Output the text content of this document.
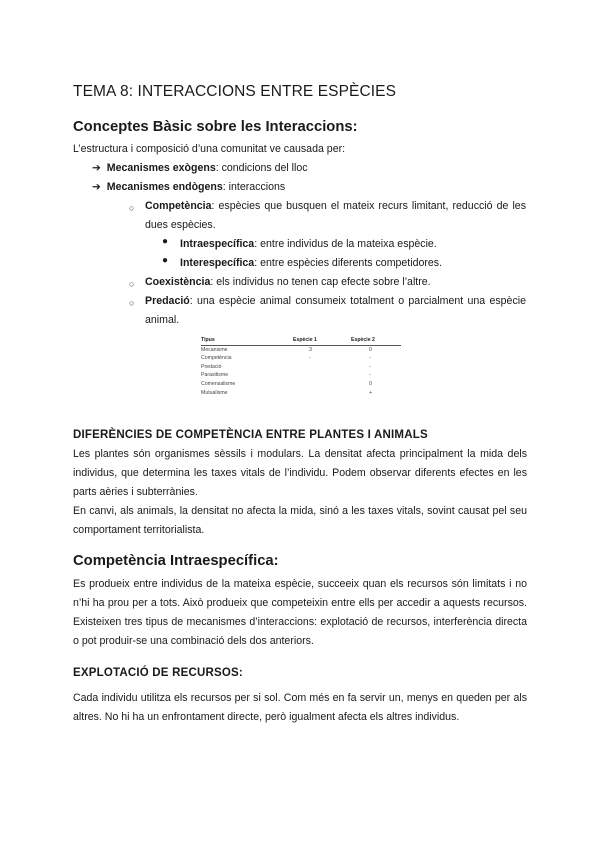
TEMA 8: INTERACCIONS ENTRE ESPÈCIES
Conceptes Bàsic sobre les Interaccions:
L’estructura i composició d’una comunitat ve causada per:
➔ Mecanismes exògens: condicions del lloc
➔ Mecanismes endògens: interaccions
○ Competència: espècies que busquen el mateix recurs limitant, reducció de les dues espècies.
● Intraespecífica: entre individus de la mateixa espècie.
● Interespecífica: entre espècies diferents competidores.
○ Coexistència: els individus no tenen cap efecte sobre l’altre.
○ Predació: una espècie animal consumeix totalment o parcialment una espècie animal.
Tipus	Espècie 1	Espècie 2
Mecanisme	3	0
Competència	-	-
Predació		-
Parasitisme		-
Comensalisme		0
Mutualisme		+
DIFERÈNCIES DE COMPETÈNCIA ENTRE PLANTES I ANIMALS
Les plantes són organismes sèssils i modulars. La densitat afecta principalment la mida dels individus, que determina les taxes vitals de l’individu. Podem observar diferents efectes en les parts aèries i subterrànies.
En canvi, als animals, la densitat no afecta la mida, sinó a les taxes vitals, sovint causat pel seu comportament territorialista.
Competència Intraespecífica:
Es produeix entre individus de la mateixa espècie, succeeix quan els recursos són limitats i no n’hi ha prou per a tots. Això produeix que competeixin entre ells per accedir a aquests recursos. Existeixen tres tipus de mecanismes d’interaccions: explotació de recursos, interferència directa o pot produir-se una combinació dels dos anteriors.
EXPLOTACIÓ DE RECURSOS:
Cada individu utilitza els recursos per si sol. Com més en fa servir un, menys en queden per als altres. No hi ha un enfrontament directe, però igualment afecta els altres individus.
